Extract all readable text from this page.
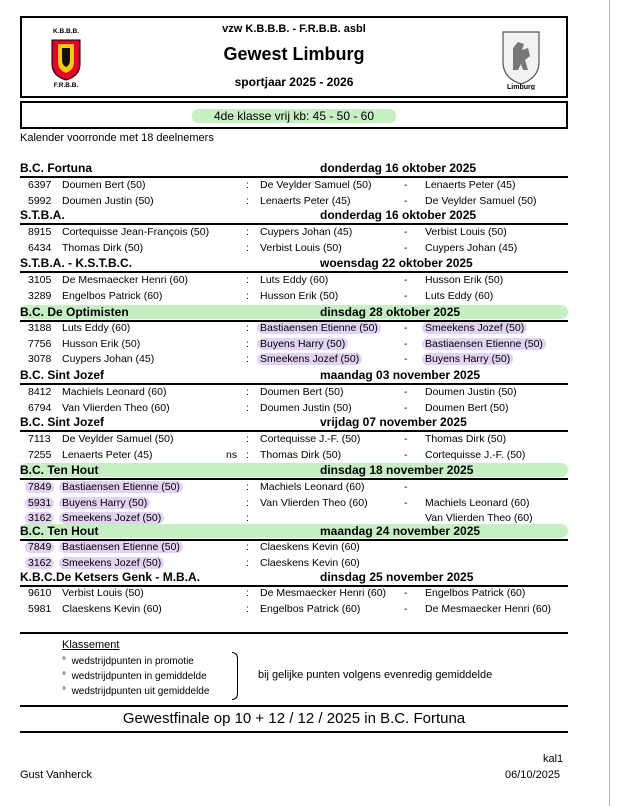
K.B.B.B.
F.R.B.B.
vzw K.B.B.B. - F.R.B.B. asbl
Gewest Limburg
sportjaar 2025 - 2026	Limburg
4de klasse vrij kb: 45 - 50 - 60
Kalender voorronde met 18 deelnemers
B.C. Fortuna	donderdag 16 oktober 2025
6397 Doumen Bert (50)	: De Veylder Samuel (50)	- Lenaerts Peter (45)
5992 Doumen Justin (50)	: Lenaerts Peter (45)	- De Veylder Samuel (50)
S.T.B.A.	donderdag 16 oktober 2025
8915 Cortequisse Jean-François (50)	: Cuypers Johan (45)	- Verbist Louis (50)
6434 Thomas Dirk (50)	: Verbist Louis (50)	- Cuypers Johan (45)
S.T.B.A. - K.S.T.B.C.	woensdag 22 oktober 2025
3105 De Mesmaecker Henri (60)	: Luts Eddy (60)	- Husson Erik (50)
3289 Engelbos Patrick (60)	: Husson Erik (50)	- Luts Eddy (60)
B.C. De Optimisten	dinsdag 28 oktober 2025
3188 Luts Eddy (60)	: Bastiaensen Etienne (50) - Smeekens Jozef (50)
7756 Husson Erik (50)	: Buyens Harry (50)	- Bastiaensen Etienne (50)
3078 Cuypers Johan (45)	: Smeekens Jozef (50)	- Buyens Harry (50)
B.C. Sint Jozef	maandag 03 november 2025
8412 Machiels Leonard (60)	: Doumen Bert (50)	- Doumen Justin (50)
6794 Van Vlierden Theo (60)	: Doumen Justin (50)	- Doumen Bert (50)
B.C. Sint Jozef	vrijdag 07 november 2025
7113 De Veylder Samuel (50)	: Cortequisse J.-F. (50)	- Thomas Dirk (50)
7255 Lenaerts Peter (45)	ns : Thomas Dirk (50)	- Cortequisse J.-F. (50)
B.C. Ten Hout	dinsdag 18 november 2025
7849 Bastiaensen Etienne (50)	: Machiels Leonard (60)	-
5931 Buyens Harry (50)	: Van Vlierden Theo (60)	- Machiels Leonard (60)
3162 Smeekens Jozef (50)	:	Van Vlierden Theo (60)
B.C. Ten Hout	maandag 24 november 2025
7849 Bastiaensen Etienne (50)	: Claeskens Kevin (60)
3162 Smeekens Jozef (50)	: Claeskens Kevin (60)
K.B.C.De Ketsers Genk - M.B.A.	dinsdag 25 november 2025
9610 Verbist Louis (50)	: De Mesmaecker Henri (60) - Engelbos Patrick (60)
5981 Claeskens Kevin (60)	: Engelbos Patrick (60)	- De Mesmaecker Henri (60)
Klassement
° wedstrijdpunten in promotie
° wedstrijdpunten in gemiddelde
° wedstrijdpunten uit gemiddelde
bij gelijke punten volgens evenredig gemiddelde
Gewestfinale op 10 + 12 / 12 / 2025 in B.C. Fortuna
kal1
Gust Vanherck	06/10/2025
